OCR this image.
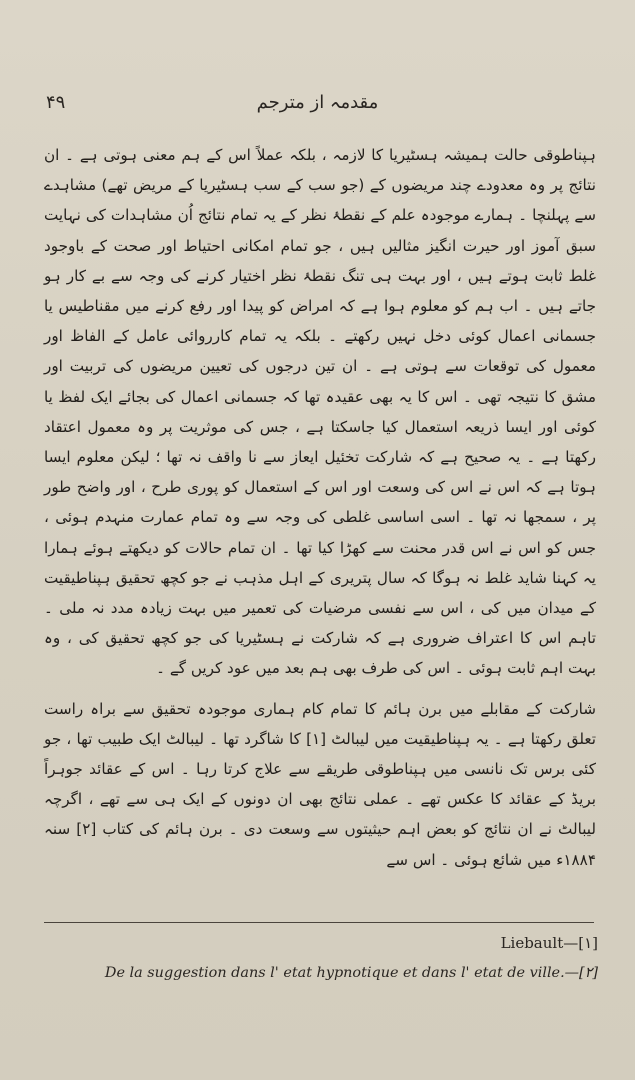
۴۹	مقدمہ از مترجم

ہپناطوقی حالت ہمیشہ ہسٹیریا کا لازمہ ، بلکہ عملاً اس کے ہم معنی ہوتی ہے ۔ ان نتائج پر وہ معدودے چند مریضوں کے (جو سب کے سب ہسٹیریا کے مریض تھے) مشاہدے سے پہلنچا ۔ ہمارے موجودہ علم کے نقطۂ نظر کے یہ تمام نتائج اُن مشاہدات کی نہایت سبق آموز اور حیرت انگیز مثالیں ہیں ، جو تمام امکانی احتیاط اور صحت کے باوجود غلط ثابت ہوتے ہیں ، اور بہت ہی تنگ نقطۂ نظر اختیار کرنے کی وجہ سے بے کار ہو جاتے ہیں ۔ اب ہم کو معلوم ہوا ہے کہ امراض کو پیدا اور رفع کرنے میں مقناطیس یا جسمانی اعمال کوئی دخل نہیں رکھتے ۔ بلکہ یہ تمام کارروائی عامل کے الفاظ اور معمول کی توقعات سے ہوتی ہے ۔ ان تین درجوں کی تعیین مریضوں کی تربیت اور مشق کا نتیجہ تھی ۔ اس کا یہ بھی عقیدہ تھا کہ جسمانی اعمال کی بجائے ایک لفظ یا کوئی اور ایسا ذریعہ استعمال کیا جاسکتا ہے ، جس کی موثریت پر وہ معمول اعتقاد رکھتا ہے ۔ یہ صحیح ہے کہ شارکت تخئیل ایعاز سے نا واقف نہ تھا ؛ لیکن معلوم ایسا ہوتا ہے کہ اس نے اس کی وسعت اور اس کے استعمال کو پوری طرح ، اور واضح طور پر ، سمجھا نہ تھا ۔ اسی اساسی غلطی کی وجہ سے وہ تمام عمارت منہدم ہوئی ، جس کو اس نے اس قدر محنت سے کھڑا کیا تھا ۔ ان تمام حالات کو دیکھتے ہوئے ہمارا یہ کہنا شاید غلط نہ ہوگا کہ سال پتریری کے اہل مذہب نے جو کچھ تحقیق ہپناطیقیت کے میدان میں کی ، اس سے نفسی مرضیات کی تعمیر میں بہت زیادہ مدد نہ ملی ۔ تاہم اس کا اعتراف ضروری ہے کہ شارکت نے ہسٹیریا کی جو کچھ تحقیق کی ، وہ بہت اہم ثابت ہوئی ۔ اس کی طرف بھی ہم بعد میں عود کریں گے ۔

شارکت کے مقابلے میں برن ہائم کا تمام کام ہماری موجودہ تحقیق سے براہ راست تعلق رکھتا ہے ۔ یہ ہپناطیقیت میں لیبالٹ [۱] کا شاگرد تھا ۔ لیبالٹ ایک طبیب تھا ، جو کئی برس تک نانسی میں ہپناطوقی طریقے سے علاج کرتا رہا ۔ اس کے عقائد جوہراً بریڈ کے عقائد کا عکس تھے ۔ عملی نتائج بھی ان دونوں کے ایک ہی سے تھے ، اگرچہ لیبالٹ نے ان نتائج کو بعض اہم حیثیتوں سے وسعت دی ۔ برن ہائم کی کتاب [۲] سنہ ۱۸۸۴ء میں شائع ہوئی ۔ اس سے

Liebault—[۱]
De la suggestion dans l' etat hypnotique et dans l' etat de ville.—[۲]
